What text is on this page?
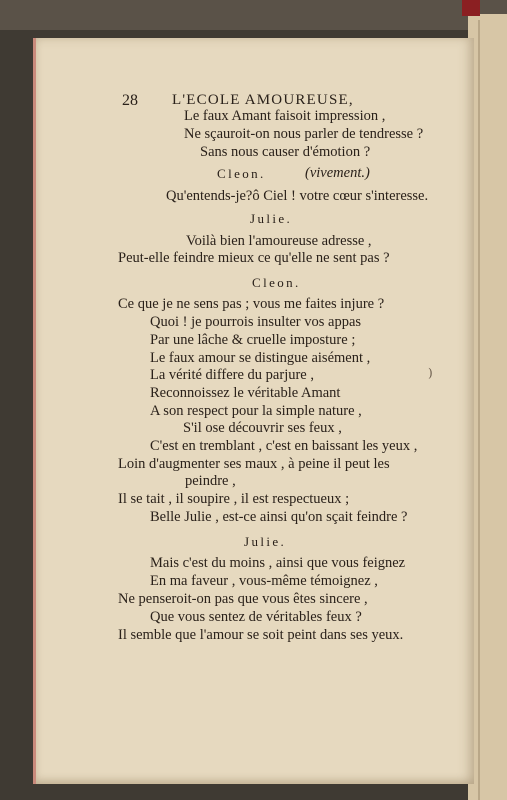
28 L'ECOLE AMOUREUSE,
Le faux Amant faisoit impression ,
Ne sçauroit-on nous parler de tendresse ?
Sans nous causer d'émotion ?
Cleon.	(vivement.)
Qu'entends-je?ô Ciel ! votre cœur s'interesse.
Julie.
Voilà bien l'amoureuse adresse ,
Peut-elle feindre mieux ce qu'elle ne sent pas ?
Cleon.
Ce que je ne sens pas ; vous me faites injure ?
Quoi ! je pourrois insulter vos appas
Par une lâche & cruelle imposture ;
Le faux amour se distingue aisément ,
La vérité differe du parjure ,
Reconnoissez le véritable Amant
A son respect pour la simple nature ,
S'il ose découvrir ses feux ,
C'est en tremblant , c'est en baissant les yeux ,
Loin d'augmenter ses maux , à peine il peut les
peindre ,
Il se tait , il soupire , il est respectueux ;
Belle Julie , est-ce ainsi qu'on sçait feindre ?
Julie.
Mais c'est du moins , ainsi que vous feignez
En ma faveur , vous-même témoignez ,
Ne penseroit-on pas que vous êtes sincere ,
Que vous sentez de véritables feux ?
Il semble que l'amour se soit peint dans ses yeux.
)
